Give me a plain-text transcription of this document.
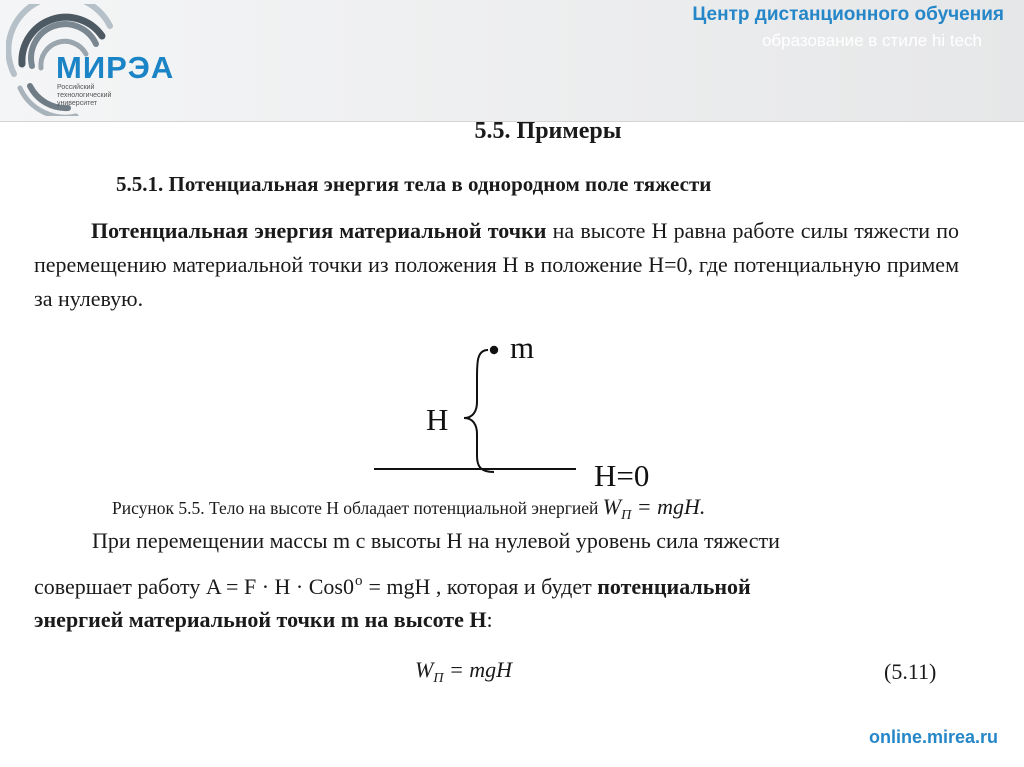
МИРЭА
Российский технологический университет
Центр дистанционного обучения
образование в стиле hi tech
5.5. Примеры
5.5.1. Потенциальная энергия тела в однородном поле тяжести
Потенциальная энергия материальной точки на высоте H равна работе силы тяжести по перемещению материальной точки из положения H в положение H=0, где потенциальную примем за нулевую.
m
H
H=0
Рисунок 5.5. Тело на высоте H обладает потенциальной энергией $W_П$ = mgH.
При перемещении массы m с высоты H на нулевой уровень сила тяжести
совершает работу $A = F \cdot H \cdot Cos0^o$ = mgH , которая и будет потенциальной
энергией материальной точки m на высоте H:
$W_П$ = mgH	(5.11)
online.mirea.ru
